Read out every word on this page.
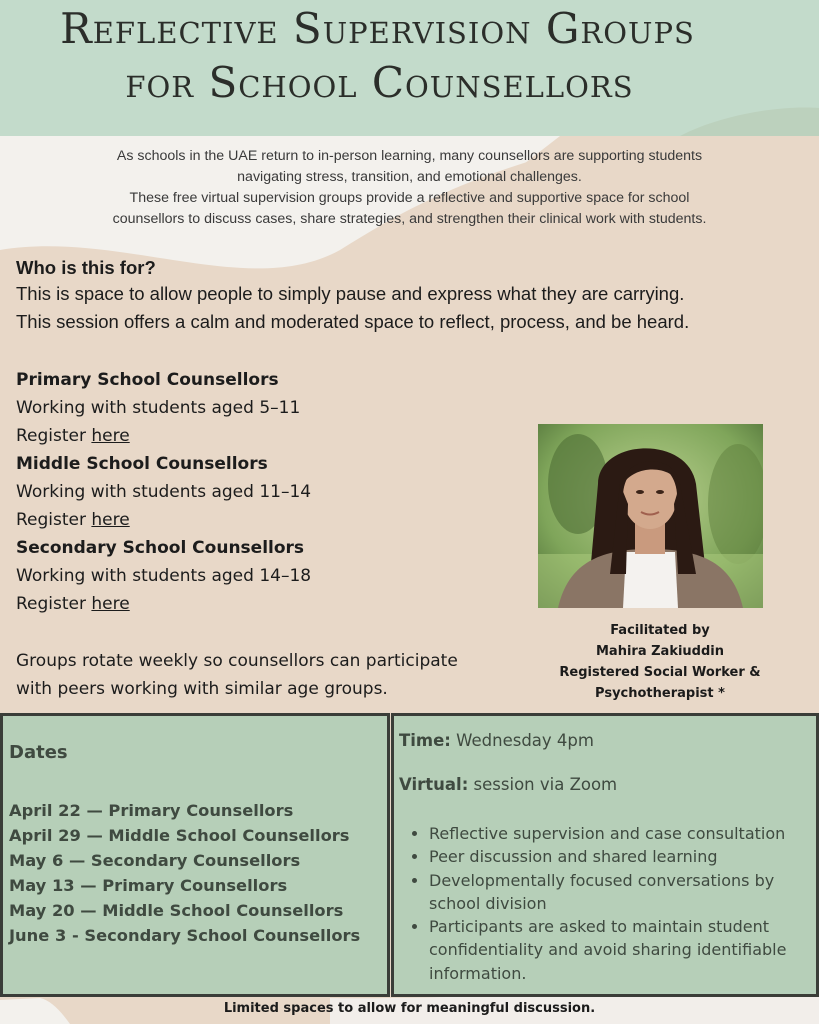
Reflective Supervision Groups
for School Counsellors
As schools in the UAE return to in-person learning, many counsellors are supporting students
navigating stress, transition, and emotional challenges.
These free virtual supervision groups provide a reflective and supportive space for school
counsellors to discuss cases, share strategies, and strengthen their clinical work with students.
Who is this for?

This is space to allow people to simply pause and express what they are carrying.

This session offers a calm and moderated space to reflect, process, and be heard.

Primary School Counsellors
Working with students aged 5–11
Register here
Middle School Counsellors
Working with students aged 11–14
Register here
Secondary School Counsellors
Working with students aged 14–18
Register here
Groups rotate weekly so counsellors can participate
with peers working with similar age groups.
Facilitated by
Mahira Zakiuddin
Registered Social Worker &
Psychotherapist *
Dates
April 22 — Primary Counsellors
April 29 — Middle School Counsellors
May 6 — Secondary Counsellors
May 13 — Primary Counsellors
May 20 — Middle School Counsellors
June 3 - Secondary School Counsellors
Time: Wednesday 4pm
Virtual: session via Zoom
• Reflective supervision and case consultation
• Peer discussion and shared learning
• Developmentally focused conversations by school division
• Participants are asked to maintain student confidentiality and avoid sharing identifiable information.
Limited spaces to allow for meaningful discussion.
